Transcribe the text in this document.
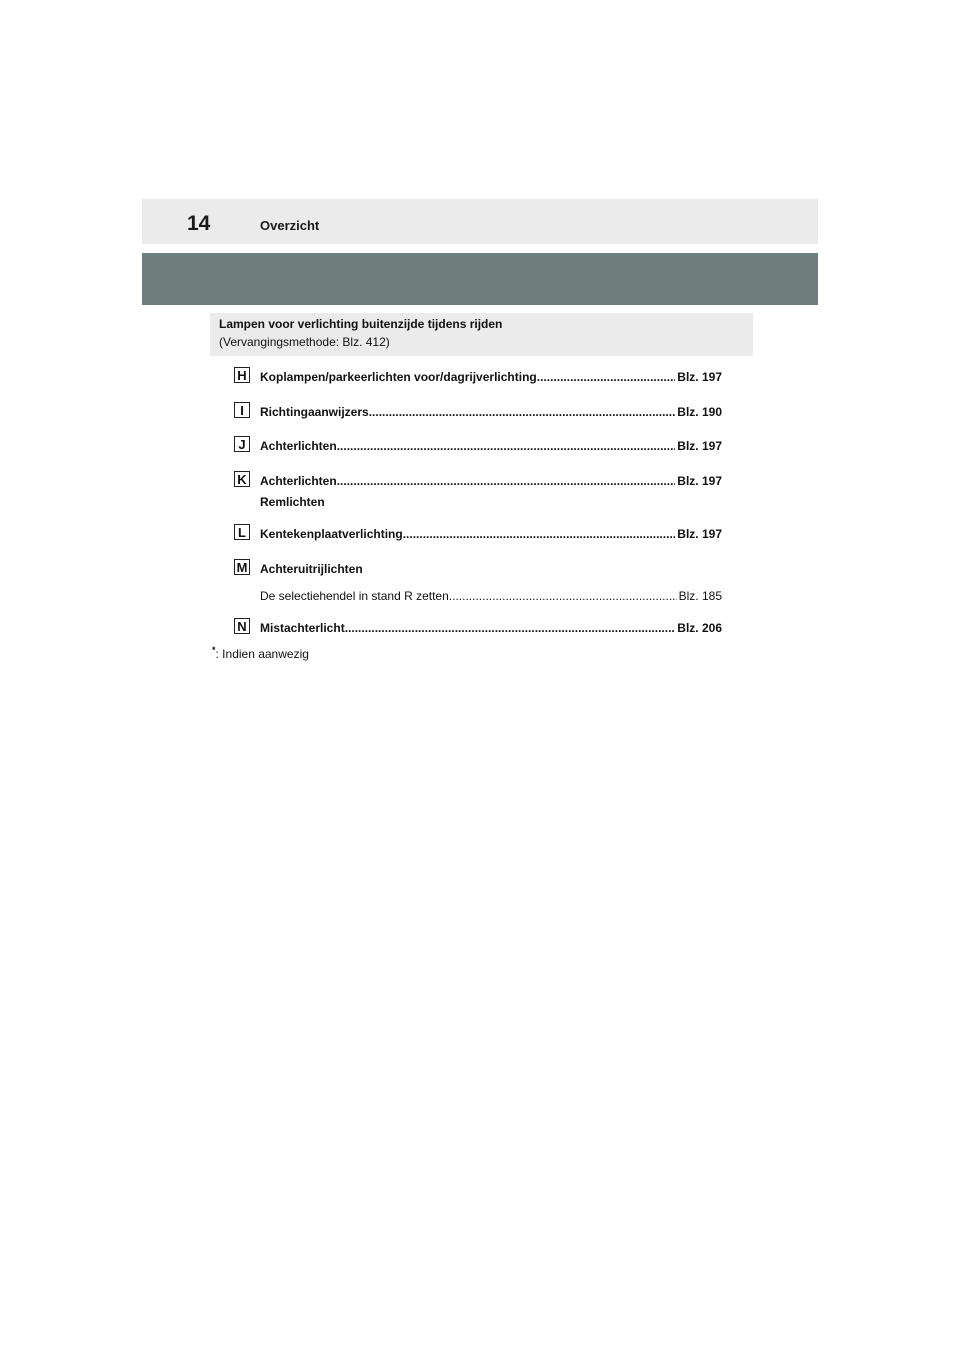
14	Overzicht
Lampen voor verlichting buitenzijde tijdens rijden
(Vervangingsmethode: Blz. 412)
H Koplampen/parkeerlichten voor/dagrijverlichting .....	Blz. 197
I	Richtingaanwijzers .....	Blz. 190
J	Achterlichten .....	Blz. 197
K Achterlichten .....	Blz. 197
Remlichten
L	Kentekenplaatverlichting .....	Blz. 197
M Achteruitrijlichten
De selectiehendel in stand R zetten .....	Blz. 185
N Mistachterlicht .....	Blz. 206
*: Indien aanwezig
